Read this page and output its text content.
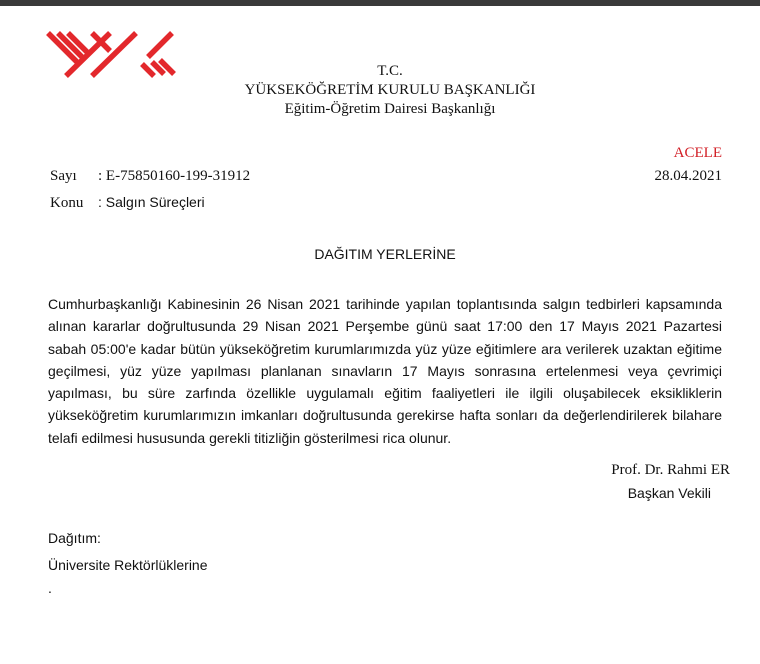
T.C.
YÜKSEKÖĞRETİM KURULU BAŞKANLIĞI
Eğitim-Öğretim Dairesi Başkanlığı
ACELE
28.04.2021
Sayı : E-75850160-199-31912
Konu : Salgın Süreçleri
DAĞITIM YERLERİNE
Cumhurbaşkanlığı Kabinesinin 26 Nisan 2021 tarihinde yapılan toplantısında salgın tedbirleri kapsamında alınan kararlar doğrultusunda 29 Nisan 2021 Perşembe günü saat 17:00 den 17 Mayıs 2021 Pazartesi sabah 05:00'e kadar bütün yükseköğretim kurumlarımızda yüz yüze eğitimlere ara verilerek uzaktan eğitime geçilmesi, yüz yüze yapılması planlanan sınavların 17 Mayıs sonrasına ertelenmesi veya çevrimiçi yapılması, bu süre zarfında özellikle uygulamalı eğitim faaliyetleri ile ilgili oluşabilecek eksikliklerin yükseköğretim kurumlarımızın imkanları doğrultusunda gerekirse hafta sonları da değerlendirilerek bilahare telafi edilmesi hususunda gerekli titizliğin gösterilmesi rica olunur.
Prof. Dr. Rahmi ER
Başkan Vekili
Dağıtım:
Üniversite Rektörlüklerine
.
